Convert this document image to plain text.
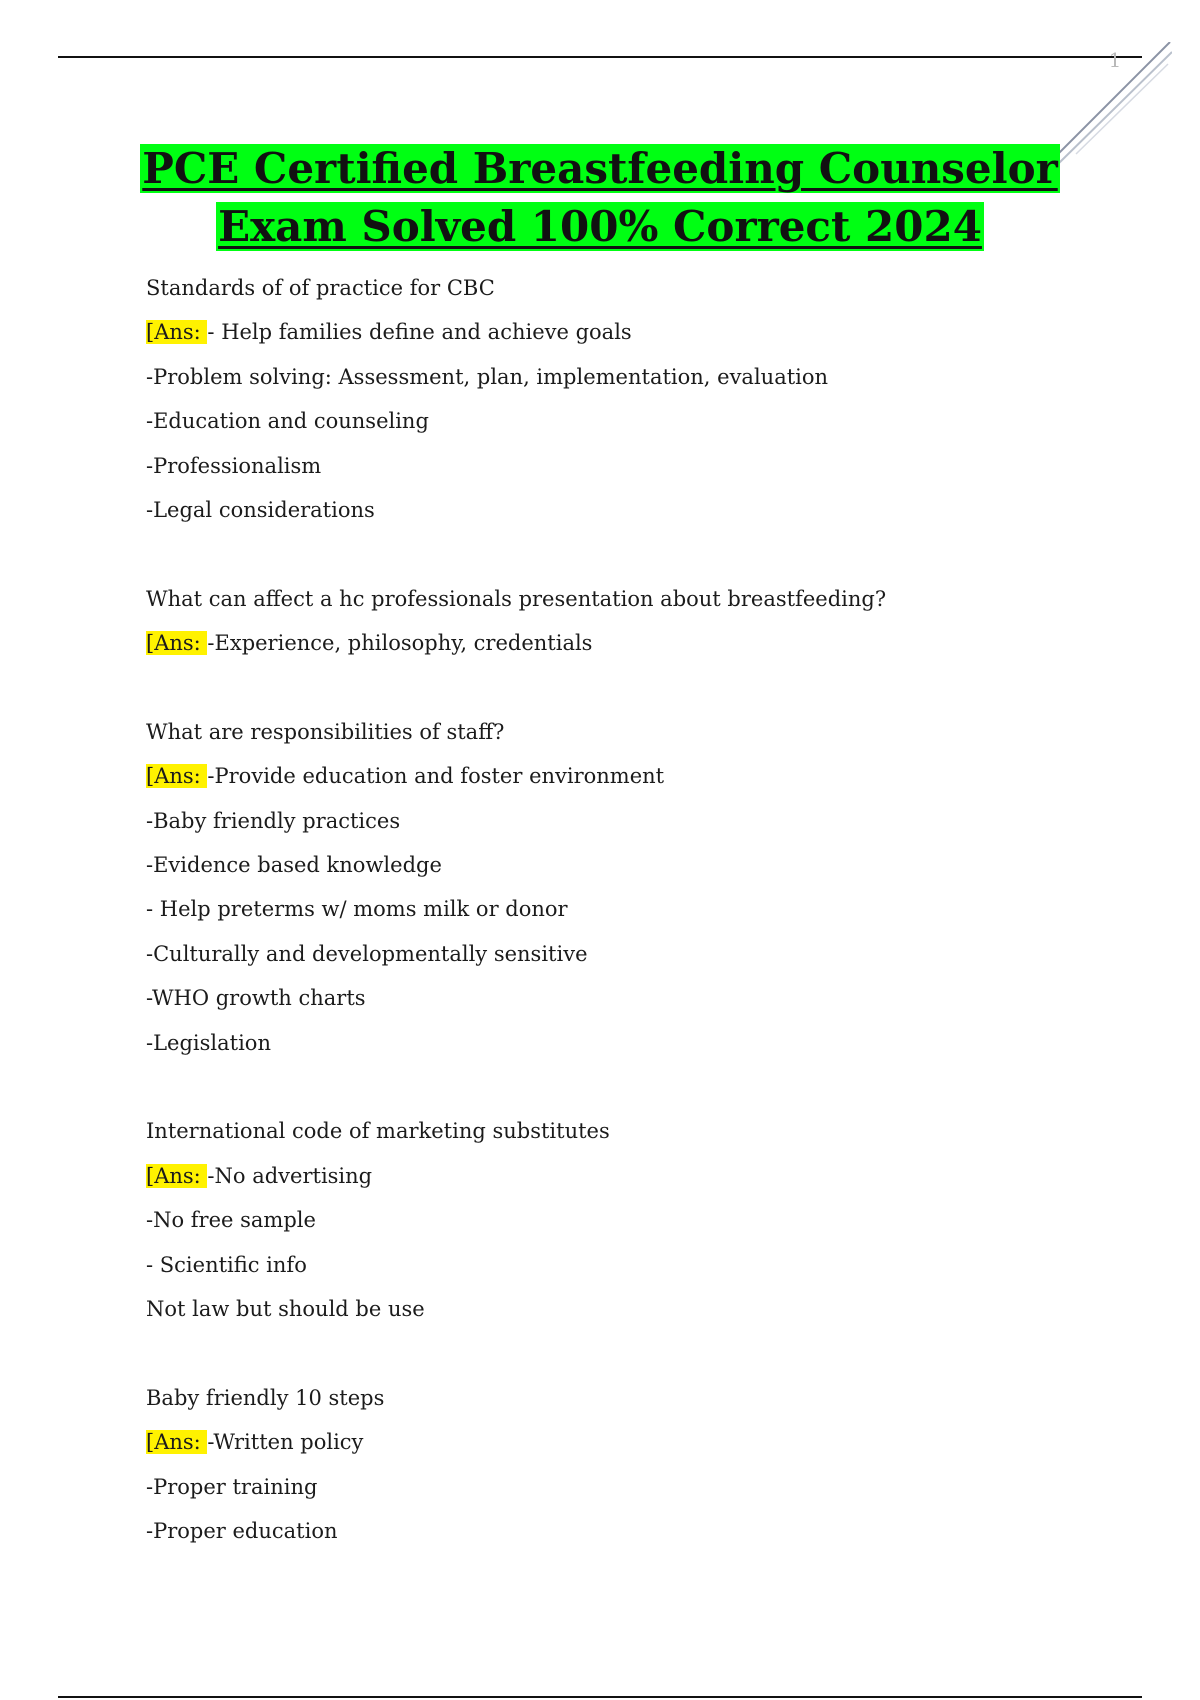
1
PCE Certified Breastfeeding Counselor
Exam Solved 100% Correct 2024
Standards of of practice for CBC
[Ans: - Help families define and achieve goals
-Problem solving: Assessment, plan, implementation, evaluation
-Education and counseling
-Professionalism
-Legal considerations
What can affect a hc professionals presentation about breastfeeding?
[Ans: -Experience, philosophy, credentials
What are responsibilities of staff?
[Ans: -Provide education and foster environment
-Baby friendly practices
-Evidence based knowledge
- Help preterms w/ moms milk or donor
-Culturally and developmentally sensitive
-WHO growth charts
-Legislation
International code of marketing substitutes
[Ans: -No advertising
-No free sample
- Scientific info
Not law but should be use
Baby friendly 10 steps
[Ans: -Written policy
-Proper training
-Proper education
